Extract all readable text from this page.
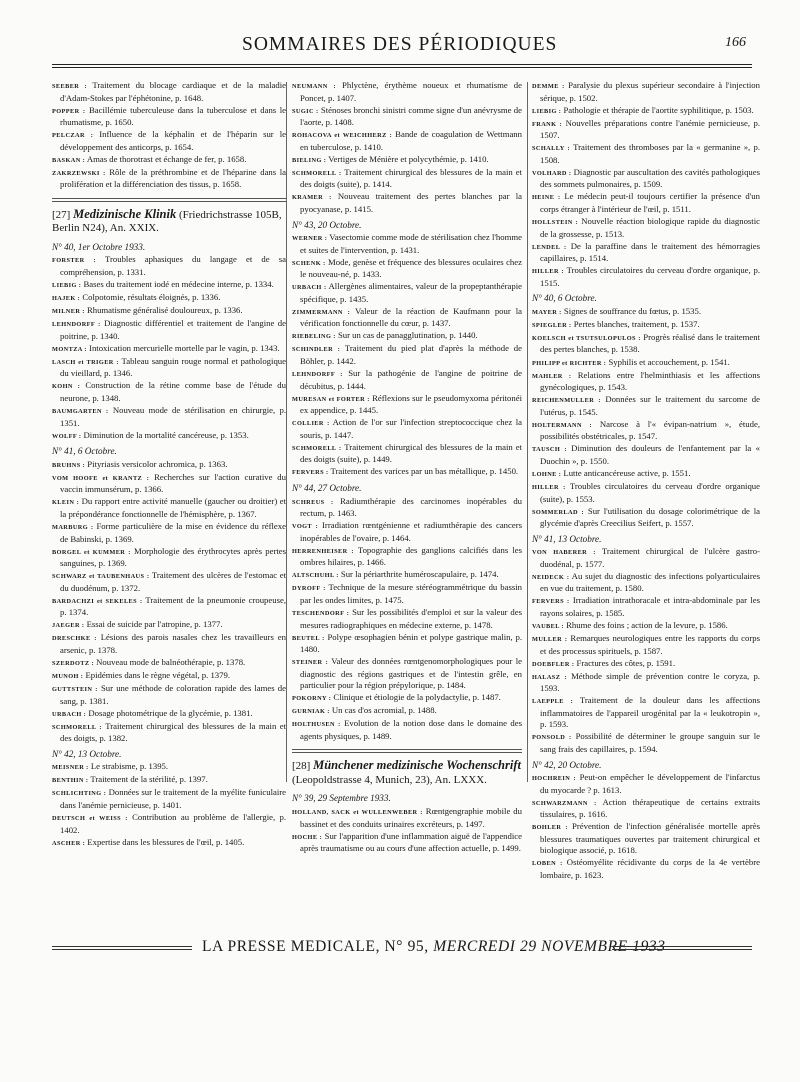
SOMMAIRES DES PÉRIODIQUES	166

SEEBER : Traitement du blocage cardiaque et de la maladie d'Adam-Stokes par l'éphétonine, p. 1648.

POPPER : Bacillémie tuberculeuse dans la tuberculose et dans le rhumatisme, p. 1650.

PELCZAR : Influence de la képhalin et de l'héparin sur le développement des anticorps, p. 1654.

BASKAN : Amas de thorotrast et échange de fer, p. 1658.

ZAKRZEWSKI : Rôle de la préthrombine et de l'héparine dans la prolifération et la différenciation des tissus, p. 1658.

[27] Medizinische Klinik (Friedrichstrasse 105B, Berlin N24), An. XXIX.
N° 40, 1er Octobre 1933.

FORSTER : Troubles aphasiques du langage et de sa compréhension, p. 1331.

LIEBIG : Bases du traitement iodé en médecine interne, p. 1334.

HAJEK : Colpotomie, résultats éloignés, p. 1336.

MILNER : Rhumatisme généralisé douloureux, p. 1336.

LEHNDORFF : Diagnostic différentiel et traitement de l'angine de poitrine, p. 1340.

MONTZA : Intoxication mercurielle mortelle par le vagin, p. 1343.

LASCH et TRIGER : Tableau sanguin rouge normal et pathologique du vieillard, p. 1346.

KOHN : Construction de la rétine comme base de l'étude du neurone, p. 1348.

BAUMGARTEN : Nouveau mode de stérilisation en chirurgie, p. 1351.

WOLFF : Diminution de la mortalité cancéreuse, p. 1353.

N° 41, 6 Octobre.

BRUHNS : Pityriasis versicolor achromica, p. 1363.

VOM HOOFE et KRANTZ : Recherches sur l'action curative du vaccin immunsérum, p. 1366.

KLEIN : Du rapport entre activité manuelle (gaucher ou droitier) et la prépondérance fonctionnelle de l'hémisphère, p. 1367.

MARBURG : Forme particulière de la mise en évidence du réflexe de Babinski, p. 1369.

BORGEL et KUMMER : Morphologie des érythrocytes après pertes sanguines, p. 1369.

SCHWARZ et TAUBENHAUS : Traitement des ulcères de l'estomac et du duodénum, p. 1372.

BARDACHZI et SEKELES : Traitement de la pneumonie croupeuse, p. 1374.

JAEGER : Essai de suicide par l'atropine, p. 1377.

DRESCHKE : Lésions des parois nasales chez les travailleurs en arsenic, p. 1378.

SZERDOTZ : Nouveau mode de balnéothérapie, p. 1378.

MUNOH : Epidémies dans le règne végétal, p. 1379.

GUTTSTEIN : Sur une méthode de coloration rapide des lames de sang, p. 1381.

URBACH : Dosage photométrique de la glycémie, p. 1381.

SCHMORELL : Traitement chirurgical des blessures de la main et des doigts, p. 1382.

N° 42, 13 Octobre.

MEISNER : Le strabisme, p. 1395.

BENTHIN : Traitement de la stérilité, p. 1397.

SCHLICHTING : Données sur le traitement de la myélite funiculaire dans l'anémie pernicieuse, p. 1401.

DEUTSCH et WEISS : Contribution au problème de l'allergie, p. 1402.

ASCHER : Expertise dans les blessures de l'œil, p. 1405.

NEUMANN : Phlyctène, érythème noueux et rhumatisme de Poncet, p. 1407.

SUGIC : Sténoses bronchi sinistri comme signe d'un anévrysme de l'aorte, p. 1408.

ROHACOVA et WEICHHERZ : Bande de coagulation de Wettmann en tuberculose, p. 1410.

BIELING : Vertiges de Ménière et polycythémie, p. 1410.

SCHMORELL : Traitement chirurgical des blessures de la main et des doigts (suite), p. 1414.

KRAMER : Nouveau traitement des pertes blanches par la pyocyanase, p. 1415.

N° 43, 20 Octobre.

WERNER : Vasectomie comme mode de stérilisation chez l'homme et suites de l'intervention, p. 1431.

SCHENK : Mode, genèse et fréquence des blessures oculaires chez le nouveau-né, p. 1433.

URBACH : Allergènes alimentaires, valeur de la propeptanthérapie spécifique, p. 1435.

ZIMMERMANN : Valeur de la réaction de Kaufmann pour la vérification fonctionnelle du cœur, p. 1437.

RIEBELING : Sur un cas de panagglutination, p. 1440.

SCHINDLER : Traitement du pied plat d'après la méthode de Böhler, p. 1442.

LEHNDORFF : Sur la pathogénie de l'angine de poitrine de décubitus, p. 1444.

MURESAN et FORTER : Réflexions sur le pseudomyxoma péritonéi ex appendice, p. 1445.

COLLIER : Action de l'or sur l'infection streptococcique chez la souris, p. 1447.

SCHMORELL : Traitement chirurgical des blessures de la main et des doigts (suite), p. 1449.

FERVERS : Traitement des varices par un bas métallique, p. 1450.

N° 44, 27 Octobre.

SCHREUS : Radiumthérapie des carcinomes inopérables du rectum, p. 1463.

VOGT : Irradiation rœntgénienne et radiumthérapie des cancers inopérables de l'ovaire, p. 1464.

HERRENHEISER : Topographie des ganglions calcifiés dans les ombres hilaires, p. 1466.

ALTSCHUHL : Sur la périarthrite huméroscapulaire, p. 1474.

DYROFF : Technique de la mesure stéréogrammétrique du bassin par les ondes limites, p. 1475.

TESCHENDORF : Sur les possibilités d'emploi et sur la valeur des mesures radiographiques en médecine externe, p. 1478.

BEUTEL : Polype œsophagien bénin et polype gastrique malin, p. 1480.

STEINER : Valeur des données rœntgenomorphologiques pour le diagnostic des régions gastriques et de l'intestin grêle, en particulier pour la région prépylorique, p. 1484.

POKORNY : Clinique et étiologie de la polydactylie, p. 1487.

GURNIAK : Un cas d'os acromial, p. 1488.

HOLTHUSEN : Evolution de la notion dose dans le domaine des agents physiques, p. 1489.

[28] Münchener medizinische Wochenschrift (Leopoldstrasse 4, Munich, 23), An. LXXX.
N° 39, 29 Septembre 1933.

HOLLAND, SACK et WULLENWEBER : Rœntgengraphie mobile du bassinet et des conduits urinaires excréteurs, p. 1497.

HOCHE : Sur l'apparition d'une inflammation aiguë de l'appendice après traumatisme ou au cours d'une affection actuelle, p. 1499.

DEMME : Paralysie du plexus supérieur secondaire à l'injection sérique, p. 1502.

LIEBIG : Pathologie et thérapie de l'aortite syphilitique, p. 1503.

FRANK : Nouvelles préparations contre l'anémie pernicieuse, p. 1507.

SCHALLY : Traitement des thromboses par la « germanine », p. 1508.

VOLHARD : Diagnostic par auscultation des cavités pathologiques des sommets pulmonaires, p. 1509.

HEINE : Le médecin peut-il toujours certifier la présence d'un corps étranger à l'intérieur de l'œil, p. 1511.

HOLLSTEIN : Nouvelle réaction biologique rapide du diagnostic de la grossesse, p. 1513.

LENDEL : De la paraffine dans le traitement des hémorragies capillaires, p. 1514.

HILLER : Troubles circulatoires du cerveau d'ordre organique, p. 1515.

N° 40, 6 Octobre.

MAYER : Signes de souffrance du fœtus, p. 1535.

SPIEGLER : Pertes blanches, traitement, p. 1537.

KOELSCH et TSUTSULOPULOS : Progrès réalisé dans le traitement des pertes blanches, p. 1538.

PHILIPP et RICHTER : Syphilis et accouchement, p. 1541.

MAHLER : Relations entre l'helminthiasis et les affections gynécologiques, p. 1543.

REICHENMULLER : Données sur le traitement du sarcome de l'utérus, p. 1545.

HOLTERMANN : Narcose à l'« évipan-natrium », étude, possibilités obstétricales, p. 1547.

TAUSCH : Diminution des douleurs de l'enfantement par la « Duochin », p. 1550.

LOHNE : Lutte anticancéreuse active, p. 1551.

HILLER : Troubles circulatoires du cerveau d'ordre organique (suite), p. 1553.

SOMMERLAD : Sur l'utilisation du dosage colorimétrique de la glycémie d'après Creecilius Seifert, p. 1557.

N° 41, 13 Octobre.

VON HABERER : Traitement chirurgical de l'ulcère gastro-duodénal, p. 1577.

NEIDECK : Au sujet du diagnostic des infections polyarticulaires en vue du traitement, p. 1580.

FERVERS : Irradiation intrathoracale et intra-abdominale par les rayons solaires, p. 1585.

VAUBEL : Rhume des foins ; action de la levure, p. 1586.

MULLER : Remarques neurologiques entre les rapports du corps et des processus spirituels, p. 1587.

DOEBFLER : Fractures des côtes, p. 1591.

HALASZ : Méthode simple de prévention contre le coryza, p. 1593.

LAEPPLE : Traitement de la douleur dans les affections inflammatoires de l'appareil urogénital par la « leukotropin », p. 1593.

PONSOLD : Possibilité de déterminer le groupe sanguin sur le sang frais des capillaires, p. 1594.

N° 42, 20 Octobre.

HOCHREIN : Peut-on empêcher le développement de l'infarctus du myocarde ? p. 1613.

SCHWARZMANN : Action thérapeutique de certains extraits tissulaires, p. 1616.

BOHLER : Prévention de l'infection généralisée mortelle après blessures traumatiques ouvertes par traitement chirurgical et biologique associé, p. 1618.

LOBEN : Ostéomyélite récidivante du corps de la 4e vertèbre lombaire, p. 1623.

LA PRESSE MEDICALE, N° 95, MERCREDI 29 NOVEMBRE 1933
